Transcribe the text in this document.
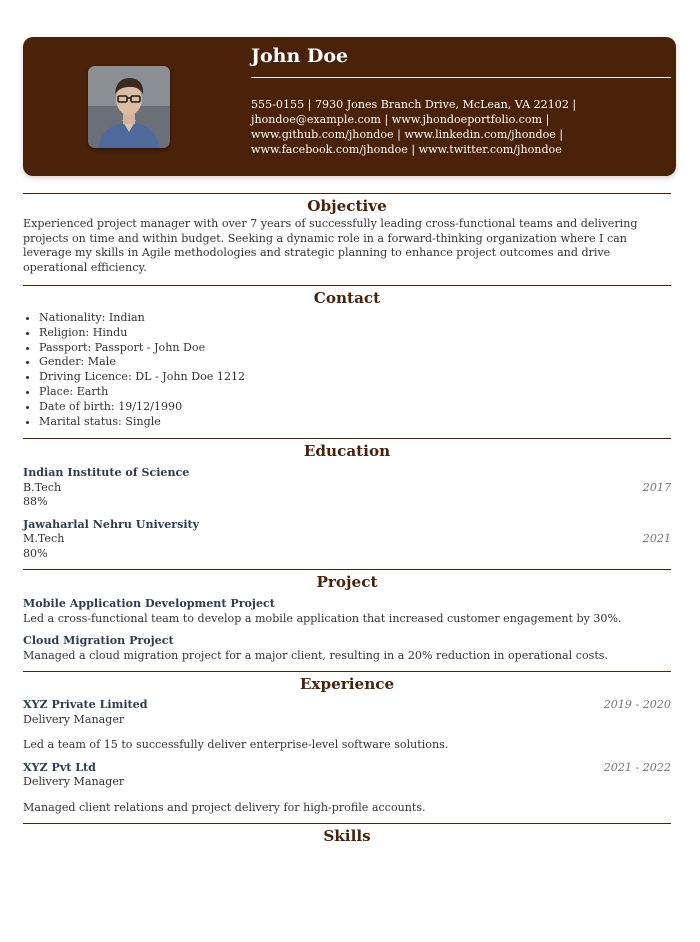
John Doe
555-0155 | 7930 Jones Branch Drive, McLean, VA 22102 |
jhondoe@example.com | www.jhondoeportfolio.com |
www.github.com/jhondoe | www.linkedin.com/jhondoe |
www.facebook.com/jhondoe | www.twitter.com/jhondoe
Objective

Experienced project manager with over 7 years of successfully leading cross-functional teams and delivering projects on time and within budget. Seeking a dynamic role in a forward-thinking organization where I can leverage my skills in Agile methodologies and strategic planning to enhance project outcomes and drive operational efficiency.

Contact
• Nationality: Indian
• Religion: Hindu
• Passport: Passport - John Doe
• Gender: Male
• Driving Licence: DL - John Doe 1212
• Place: Earth
• Date of birth: 19/12/1990
• Marital status: Single
Education
Indian Institute of Science
B.Tech	2017
88%
Jawaharlal Nehru University
M.Tech	2021
80%
Project
Mobile Application Development Project
Led a cross-functional team to develop a mobile application that increased customer engagement by 30%.
Cloud Migration Project
Managed a cloud migration project for a major client, resulting in a 20% reduction in operational costs.
Experience
XYZ Private Limited	2019 - 2020
Delivery Manager
Led a team of 15 to successfully deliver enterprise-level software solutions.
XYZ Pvt Ltd	2021 - 2022
Delivery Manager
Managed client relations and project delivery for high-profile accounts.
Skills
